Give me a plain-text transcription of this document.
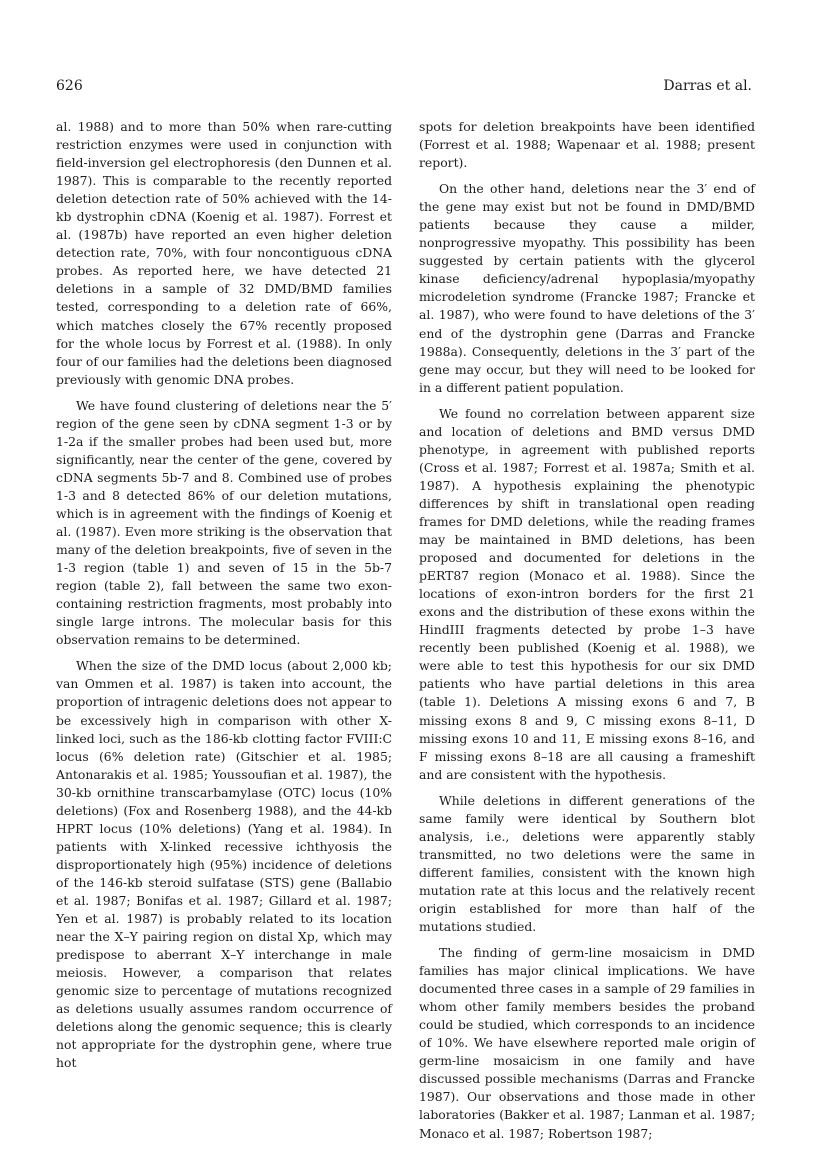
626	Darras et al.

al. 1988) and to more than 50% when rare-cutting restriction enzymes were used in conjunction with field-inversion gel electrophoresis (den Dunnen et al. 1987). This is comparable to the recently reported deletion detection rate of 50% achieved with the 14-kb dystrophin cDNA (Koenig et al. 1987). Forrest et al. (1987b) have reported an even higher deletion detection rate, 70%, with four noncontiguous cDNA probes. As reported here, we have detected 21 deletions in a sample of 32 DMD/BMD families tested, corresponding to a deletion rate of 66%, which matches closely the 67% recently proposed for the whole locus by Forrest et al. (1988). In only four of our families had the deletions been diagnosed previously with genomic DNA probes.

We have found clustering of deletions near the 5′ region of the gene seen by cDNA segment 1-3 or by 1-2a if the smaller probes had been used but, more significantly, near the center of the gene, covered by cDNA segments 5b-7 and 8. Combined use of probes 1-3 and 8 detected 86% of our deletion mutations, which is in agreement with the findings of Koenig et al. (1987). Even more striking is the observation that many of the deletion breakpoints, five of seven in the 1-3 region (table 1) and seven of 15 in the 5b-7 region (table 2), fall between the same two exon-containing restriction fragments, most probably into single large introns. The molecular basis for this observation remains to be determined.

When the size of the DMD locus (about 2,000 kb; van Ommen et al. 1987) is taken into account, the proportion of intragenic deletions does not appear to be excessively high in comparison with other X-linked loci, such as the 186-kb clotting factor FVIII:C locus (6% deletion rate) (Gitschier et al. 1985; Antonarakis et al. 1985; Youssoufian et al. 1987), the 30-kb ornithine transcarbamylase (OTC) locus (10% deletions) (Fox and Rosenberg 1988), and the 44-kb HPRT locus (10% deletions) (Yang et al. 1984). In patients with X-linked recessive ichthyosis the disproportionately high (95%) incidence of deletions of the 146-kb steroid sulfatase (STS) gene (Ballabio et al. 1987; Bonifas et al. 1987; Gillard et al. 1987; Yen et al. 1987) is probably related to its location near the X–Y pairing region on distal Xp, which may predispose to aberrant X–Y interchange in male meiosis. However, a comparison that relates genomic size to percentage of mutations recognized as deletions usually assumes random occurrence of deletions along the genomic sequence; this is clearly not appropriate for the dystrophin gene, where true hot

spots for deletion breakpoints have been identified (Forrest et al. 1988; Wapenaar et al. 1988; present report).

On the other hand, deletions near the 3′ end of the gene may exist but not be found in DMD/BMD patients because they cause a milder, nonprogressive myopathy. This possibility has been suggested by certain patients with the glycerol kinase deficiency/adrenal hypoplasia/myopathy microdeletion syndrome (Francke 1987; Francke et al. 1987), who were found to have deletions of the 3′ end of the dystrophin gene (Darras and Francke 1988a). Consequently, deletions in the 3′ part of the gene may occur, but they will need to be looked for in a different patient population.

We found no correlation between apparent size and location of deletions and BMD versus DMD phenotype, in agreement with published reports (Cross et al. 1987; Forrest et al. 1987a; Smith et al. 1987). A hypothesis explaining the phenotypic differences by shift in translational open reading frames for DMD deletions, while the reading frames may be maintained in BMD deletions, has been proposed and documented for deletions in the pERT87 region (Monaco et al. 1988). Since the locations of exon-intron borders for the first 21 exons and the distribution of these exons within the HindIII fragments detected by probe 1–3 have recently been published (Koenig et al. 1988), we were able to test this hypothesis for our six DMD patients who have partial deletions in this area (table 1). Deletions A missing exons 6 and 7, B missing exons 8 and 9, C missing exons 8–11, D missing exons 10 and 11, E missing exons 8–16, and F missing exons 8–18 are all causing a frameshift and are consistent with the hypothesis.

While deletions in different generations of the same family were identical by Southern blot analysis, i.e., deletions were apparently stably transmitted, no two deletions were the same in different families, consistent with the known high mutation rate at this locus and the relatively recent origin established for more than half of the mutations studied.

The finding of germ-line mosaicism in DMD families has major clinical implications. We have documented three cases in a sample of 29 families in whom other family members besides the proband could be studied, which corresponds to an incidence of 10%. We have elsewhere reported male origin of germ-line mosaicism in one family and have discussed possible mechanisms (Darras and Francke 1987). Our observations and those made in other laboratories (Bakker et al. 1987; Lanman et al. 1987; Monaco et al. 1987; Robertson 1987;
